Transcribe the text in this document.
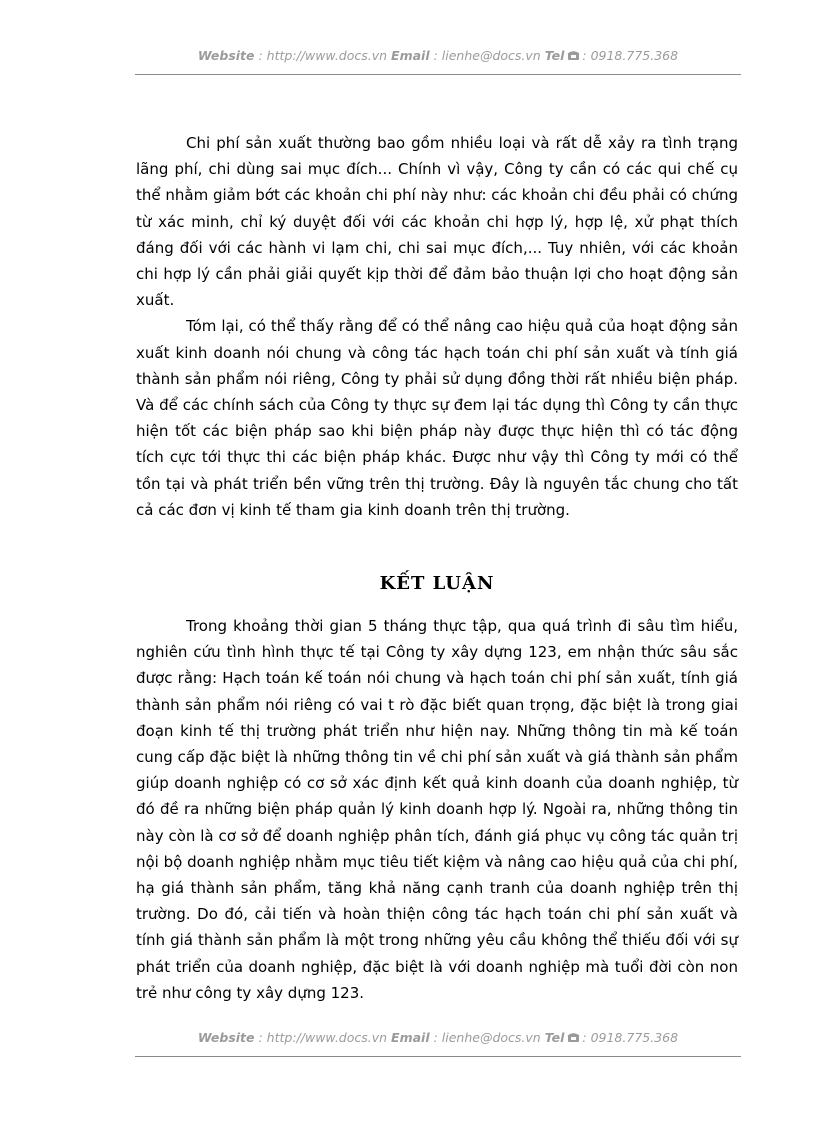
Website : http://www.docs.vn Email : lienhe@docs.vn Tel : 0918.775.368

Chi phí sản xuất thường bao gồm nhiều loại và rất dễ xảy ra tình trạng lãng phí, chi dùng sai mục đích... Chính vì vậy, Công ty cần có các qui chế cụ thể nhằm giảm bớt các khoản chi phí này như: các khoản chi đều phải có chứng từ xác minh, chỉ ký duyệt đối với các khoản chi hợp lý, hợp lệ, xử phạt thích đáng đối với các hành vi lạm chi, chi sai mục đích,... Tuy nhiên, với các khoản chi hợp lý cần phải giải quyết kịp thời để đảm bảo thuận lợi cho hoạt động sản xuất.

Tóm lại, có thể thấy rằng để có thể nâng cao hiệu quả của hoạt động sản xuất kinh doanh nói chung và công tác hạch toán chi phí sản xuất và tính giá thành sản phẩm nói riêng, Công ty phải sử dụng đồng thời rất nhiều biện pháp. Và để các chính sách của Công ty thực sự đem lại tác dụng thì Công ty cần thực hiện tốt các biện pháp sao khi biện pháp này được thực hiện thì có tác động tích cực tới thực thi các biện pháp khác. Được như vậy thì Công ty mới có thể tồn tại và phát triển bền vững trên thị trường. Đây là nguyên tắc chung cho tất cả các đơn vị kinh tế tham gia kinh doanh trên thị trường.

KẾT LUẬN

Trong khoảng thời gian 5 tháng thực tập, qua quá trình đi sâu tìm hiểu, nghiên cứu tình hình thực tế tại Công ty xây dựng 123, em nhận thức sâu sắc được rằng: Hạch toán kế toán nói chung và hạch toán chi phí sản xuất, tính giá thành sản phẩm nói riêng có vai t rò đặc biết quan trọng, đặc biệt là trong giai đoạn kinh tế thị trường phát triển như hiện nay. Những thông tin mà kế toán cung cấp đặc biệt là những thông tin về chi phí sản xuất và giá thành sản phẩm giúp doanh nghiệp có cơ sở xác định kết quả kinh doanh của doanh nghiệp, từ đó đề ra những biện pháp quản lý kinh doanh hợp lý. Ngoài ra, những thông tin này còn là cơ sở để doanh nghiệp phân tích, đánh giá phục vụ công tác quản trị nội bộ doanh nghiệp nhằm mục tiêu tiết kiệm và nâng cao hiệu quả của chi phí, hạ giá thành sản phẩm, tăng khả năng cạnh tranh của doanh nghiệp trên thị trường. Do đó, cải tiến và hoàn thiện công tác hạch toán chi phí sản xuất và tính giá thành sản phẩm là một trong những yêu cầu không thể thiếu đối với sự phát triển của doanh nghiệp, đặc biệt là với doanh nghiệp mà tuổi đời còn non trẻ như công ty xây dựng 123.

Website : http://www.docs.vn Email : lienhe@docs.vn Tel : 0918.775.368
